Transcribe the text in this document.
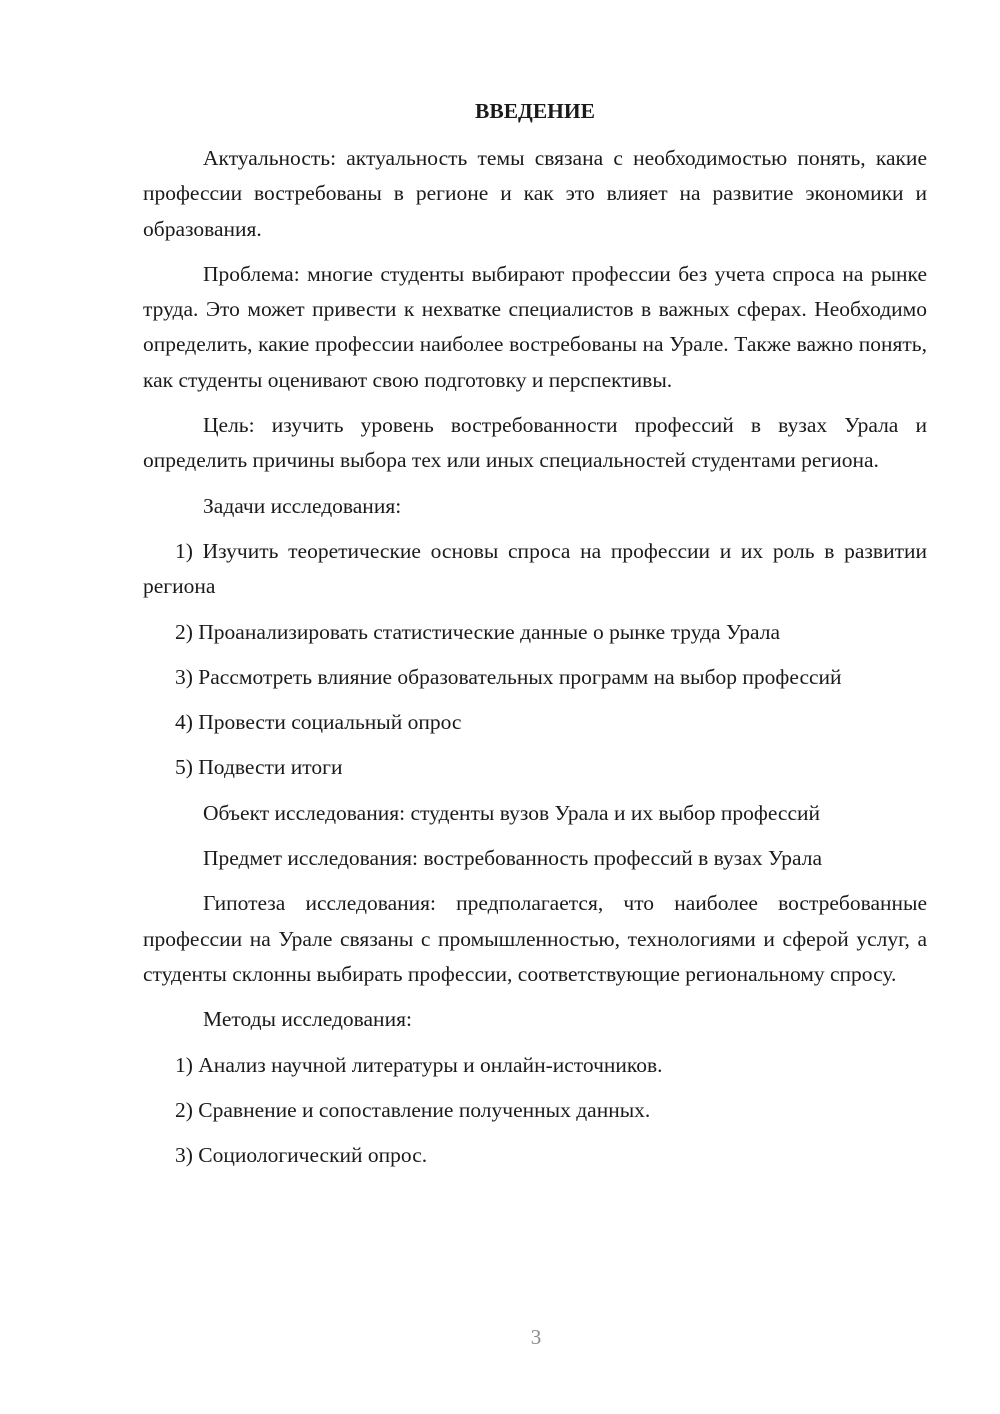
ВВЕДЕНИЕ

Актуальность: актуальность темы связана с необходимостью понять, какие профессии востребованы в регионе и как это влияет на развитие экономики и образования.

Проблема: многие студенты выбирают профессии без учета спроса на рынке труда. Это может привести к нехватке специалистов в важных сферах. Необходимо определить, какие профессии наиболее востребованы на Урале. Также важно понять, как студенты оценивают свою подготовку и перспективы.

Цель: изучить уровень востребованности профессий в вузах Урала и определить причины выбора тех или иных специальностей студентами региона.

Задачи исследования:

1) Изучить теоретические основы спроса на профессии и их роль в развитии региона

2) Проанализировать статистические данные о рынке труда Урала

3) Рассмотреть влияние образовательных программ на выбор профессий

4) Провести социальный опрос

5) Подвести итоги

Объект исследования: студенты вузов Урала и их выбор профессий

Предмет исследования: востребованность профессий в вузах Урала

Гипотеза исследования: предполагается, что наиболее востребованные профессии на Урале связаны с промышленностью, технологиями и сферой услуг, а студенты склонны выбирать профессии, соответствующие региональному спросу.

Методы исследования:

1) Анализ научной литературы и онлайн-источников.

2) Сравнение и сопоставление полученных данных.

3) Социологический опрос.

3
